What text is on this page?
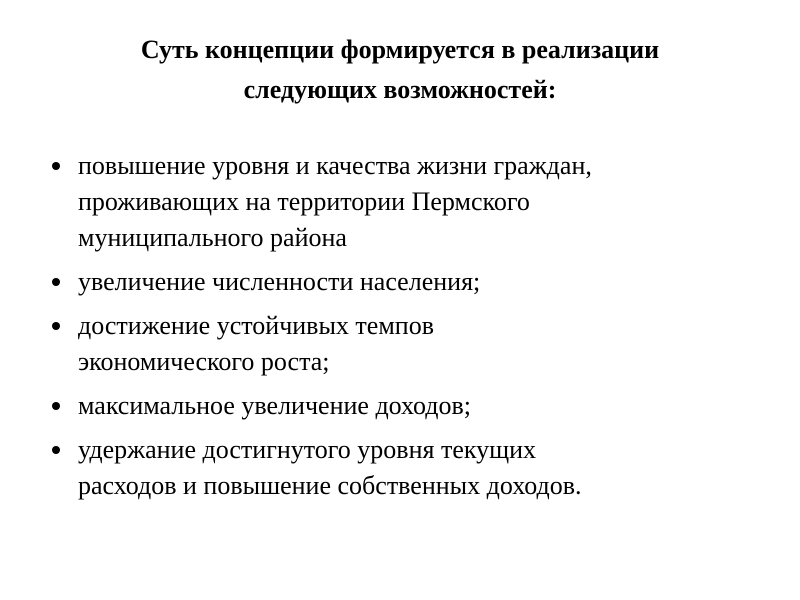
Суть концепции формируется в реализации
следующих возможностей:
повышение уровня и качества жизни граждан,
проживающих на территории Пермского
муниципального района
увеличение численности населения;
достижение устойчивых темпов
экономического роста;
максимальное увеличение доходов;
удержание достигнутого уровня текущих
расходов и повышение собственных доходов.
